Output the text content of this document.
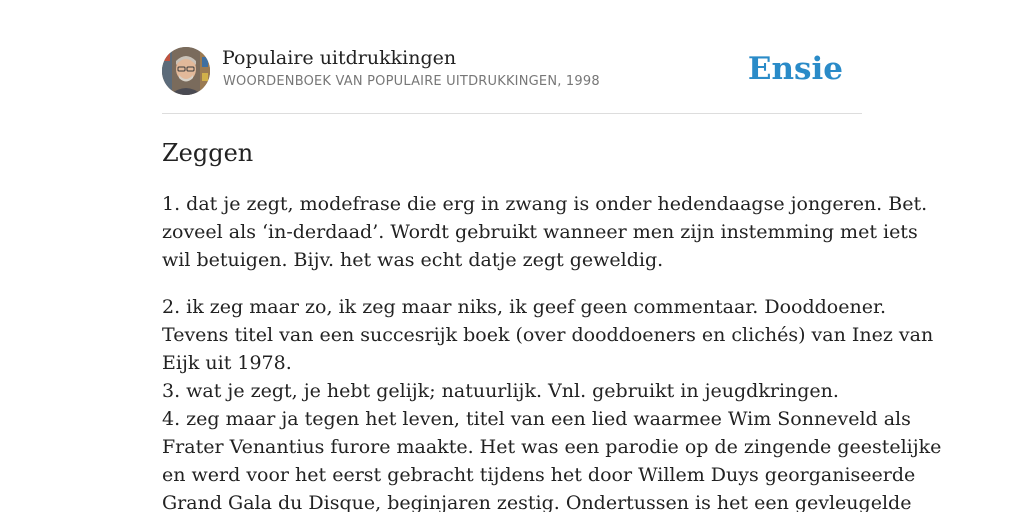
Populaire uitdrukkingen
WOORDENBOEK VAN POPULAIRE UITDRUKKINGEN, 1998	Ensie
Zeggen

1. dat je zegt, modefrase die erg in zwang is onder hedendaagse jongeren. Bet.
zoveel als ‘in-derdaad’. Wordt gebruikt wanneer men zijn instemming met iets
wil betuigen. Bijv. het was echt datje zegt geweldig.

2. ik zeg maar zo, ik zeg maar niks, ik geef geen commentaar. Dooddoener.
Tevens titel van een succesrijk boek (over dooddoeners en clichés) van Inez van
Eijk uit 1978.
3. wat je zegt, je hebt gelijk; natuurlijk. Vnl. gebruikt in jeugdkringen.
4. zeg maar ja tegen het leven, titel van een lied waarmee Wim Sonneveld als
Frater Venantius furore maakte. Het was een parodie op de zingende geestelijke
en werd voor het eerst gebracht tijdens het door Willem Duys georganiseerde
Grand Gala du Disque, beginjaren zestig. Ondertussen is het een gevleugelde
